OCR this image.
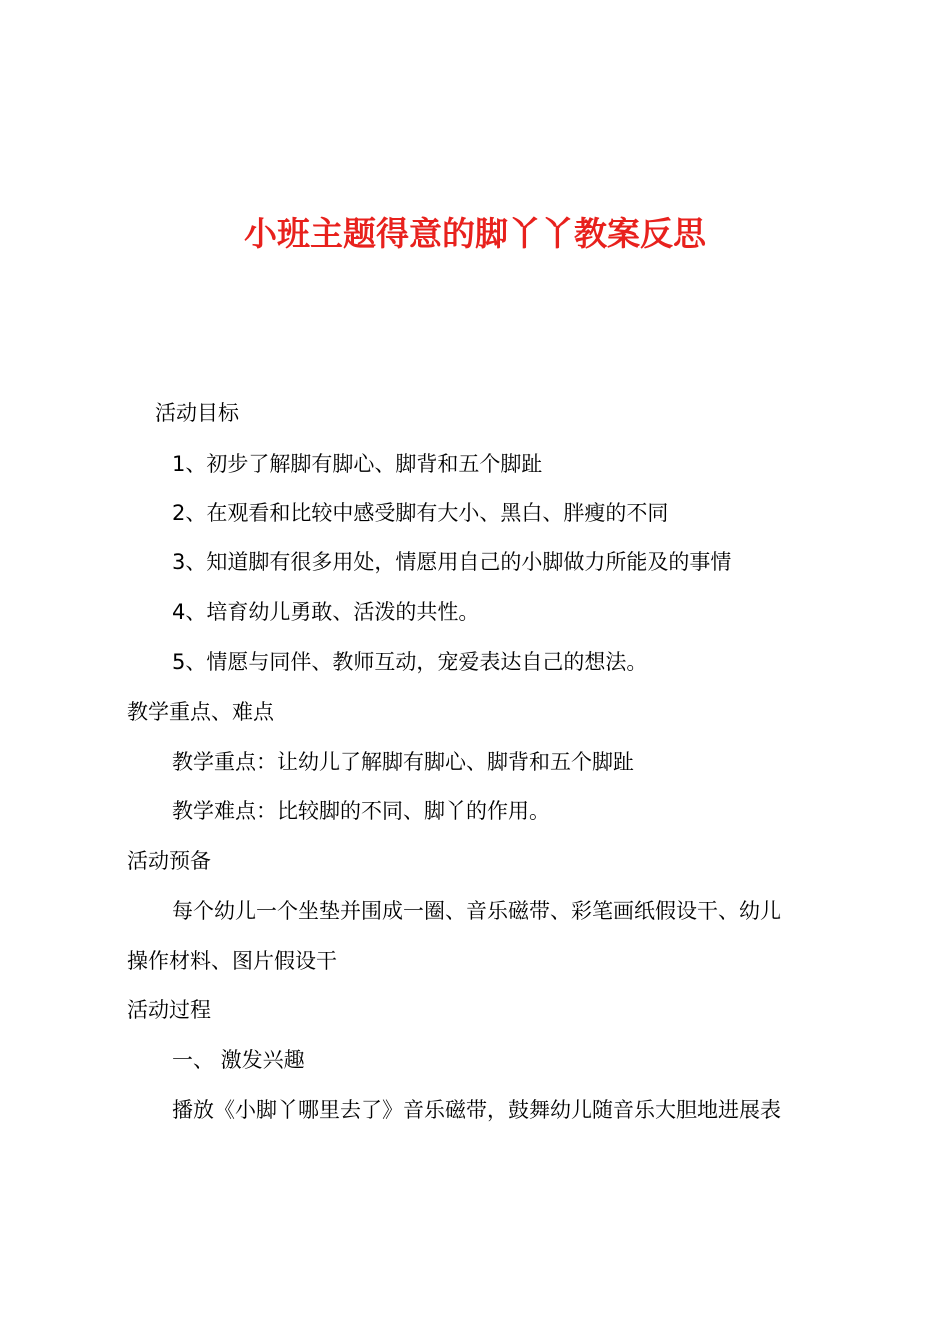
小班主题得意的脚丫丫教案反思
活动目标
1、初步了解脚有脚心、脚背和五个脚趾
2、在观看和比较中感受脚有大小、黑白、胖瘦的不同
3、知道脚有很多用处，情愿用自己的小脚做力所能及的事情
4、培育幼儿勇敢、活泼的共性。
5、情愿与同伴、教师互动，宠爱表达自己的想法。
教学重点、难点
教学重点：让幼儿了解脚有脚心、脚背和五个脚趾
教学难点：比较脚的不同、脚丫的作用。
活动预备
每个幼儿一个坐垫并围成一圈、音乐磁带、彩笔画纸假设干、幼儿
操作材料、图片假设干
活动过程
一、 激发兴趣
播放《小脚丫哪里去了》音乐磁带，鼓舞幼儿随音乐大胆地进展表
